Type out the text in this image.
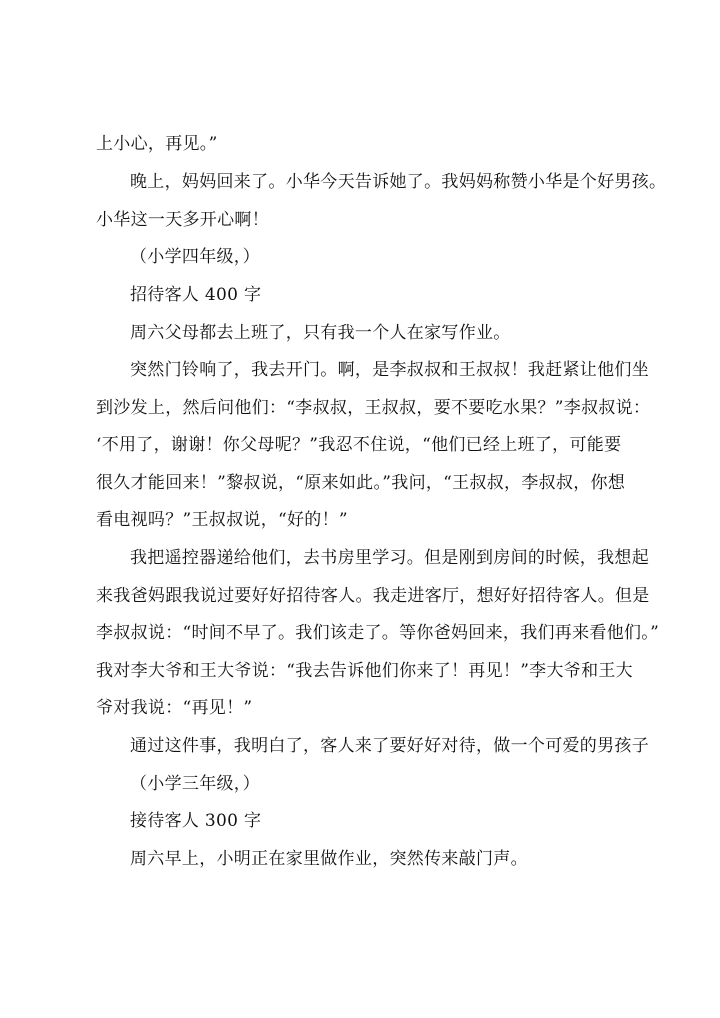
上小心，再见。”

晚上，妈妈回来了。小华今天告诉她了。我妈妈称赞小华是个好男孩。
小华这一天多开心啊！

（小学四年级，）

招待客人 400 字

周六父母都去上班了，只有我一个人在家写作业。

突然门铃响了，我去开门。啊，是李叔叔和王叔叔！我赶紧让他们坐
到沙发上，然后问他们：“李叔叔，王叔叔，要不要吃水果？”李叔叔说：
‘不用了，谢谢！你父母呢？”我忍不住说，“他们已经上班了，可能要
很久才能回来！”黎叔说，“原来如此。”我问，“王叔叔，李叔叔，你想
看电视吗？”王叔叔说，“好的！”

我把遥控器递给他们，去书房里学习。但是刚到房间的时候，我想起
来我爸妈跟我说过要好好招待客人。我走进客厅，想好好招待客人。但是
李叔叔说：“时间不早了。我们该走了。等你爸妈回来，我们再来看他们。”
我对李大爷和王大爷说：“我去告诉他们你来了！再见！”李大爷和王大
爷对我说：“再见！”

通过这件事，我明白了，客人来了要好好对待，做一个可爱的男孩子

（小学三年级，）

接待客人 300 字

周六早上，小明正在家里做作业，突然传来敲门声。
